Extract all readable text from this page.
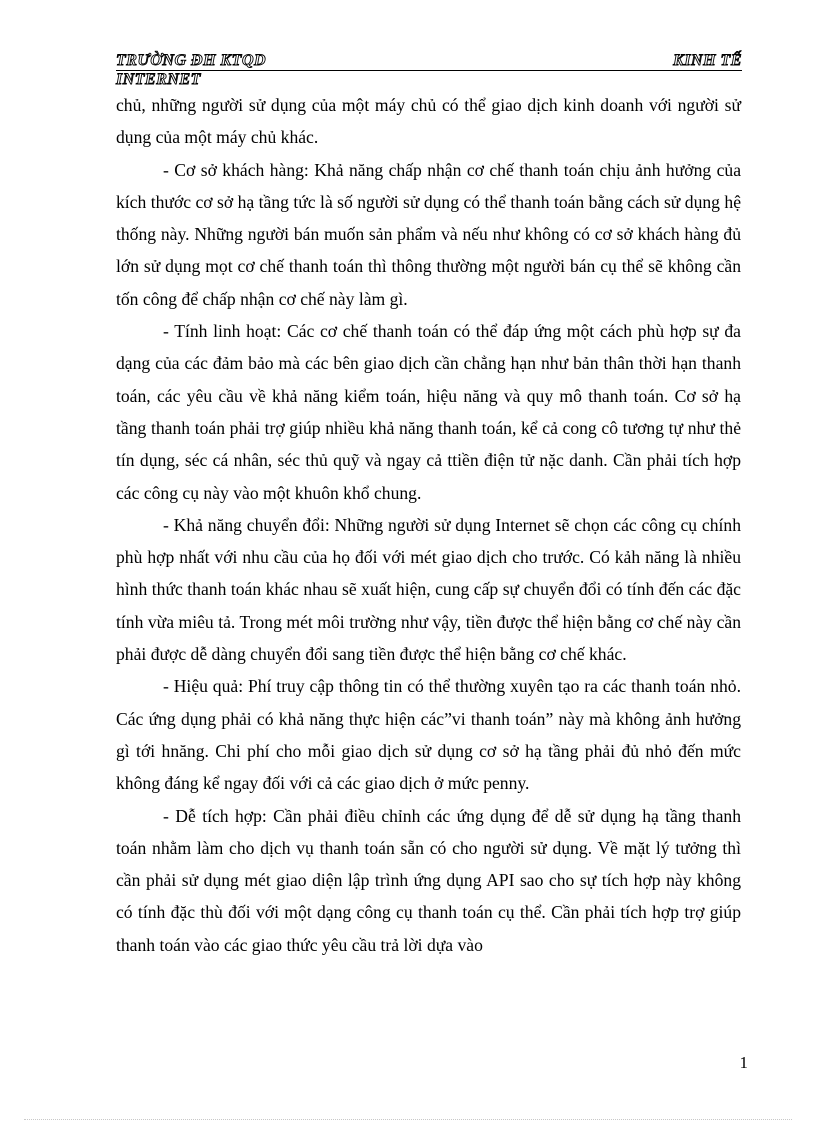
TRƯỜNG ĐH KTQD	KINH TẾ
INTERNET

chủ, những người sử dụng của một máy chủ có thể giao dịch kinh doanh với người sử dụng của một máy chủ khác.

- Cơ sở khách hàng: Khả năng chấp nhận cơ chế thanh toán chịu ảnh hưởng của kích thước cơ sở hạ tầng tức là số người sử dụng có thể thanh toán bằng cách sử dụng hệ thống này. Những người bán muốn sản phẩm và nếu như không có cơ sở khách hàng đủ lớn sử dụng mọt cơ chế thanh toán thì thông thường một người bán cụ thể sẽ không cần tốn công để chấp nhận cơ chế này làm gì.

- Tính linh hoạt: Các cơ chế thanh toán có thể đáp ứng một cách phù hợp sự đa dạng của các đảm bảo mà các bên giao dịch cần chẳng hạn như bản thân thời hạn thanh toán, các yêu cầu về khả năng kiểm toán, hiệu năng và quy mô thanh toán. Cơ sở hạ tầng thanh toán phải trợ giúp nhiều khả năng thanh toán, kể cả cong cô tương tự như thẻ tín dụng, séc cá nhân, séc thủ quỹ và ngay cả ttiền điện tử nặc danh. Cần phải tích hợp các công cụ này vào một khuôn khổ chung.

- Khả năng chuyển đổi: Những người sử dụng Internet sẽ chọn các công cụ chính phù hợp nhất với nhu cầu của họ đối với mét giao dịch cho trước. Có kảh năng là nhiều hình thức thanh toán khác nhau sẽ xuất hiện, cung cấp sự chuyển đổi có tính đến các đặc tính vừa miêu tả. Trong mét môi trường như vậy, tiền được thể hiện bằng cơ chế này cần phải được dễ dàng chuyển đổi sang tiền được thể hiện bằng cơ chế khác.

- Hiệu quả: Phí truy cập thông tin có thể thường xuyên tạo ra các thanh toán nhỏ. Các ứng dụng phải có khả năng thực hiện các”vi thanh toán” này mà không ảnh hưởng gì tới hnăng. Chi phí cho mỗi giao dịch sử dụng cơ sở hạ tầng phải đủ nhỏ đến mức không đáng kể ngay đối với cả các giao dịch ở mức penny.

- Dễ tích hợp: Cần phải điều chỉnh các ứng dụng để dễ sử dụng hạ tầng thanh toán nhằm làm cho dịch vụ thanh toán sẵn có cho người sử dụng. Về mặt lý tưởng thì cần phải sử dụng mét giao diện lập trình ứng dụng API sao cho sự tích hợp này không có tính đặc thù đối với một dạng công cụ thanh toán cụ thể. Cần phải tích hợp trợ giúp thanh toán vào các giao thức yêu cầu trả lời dựa vào

1
